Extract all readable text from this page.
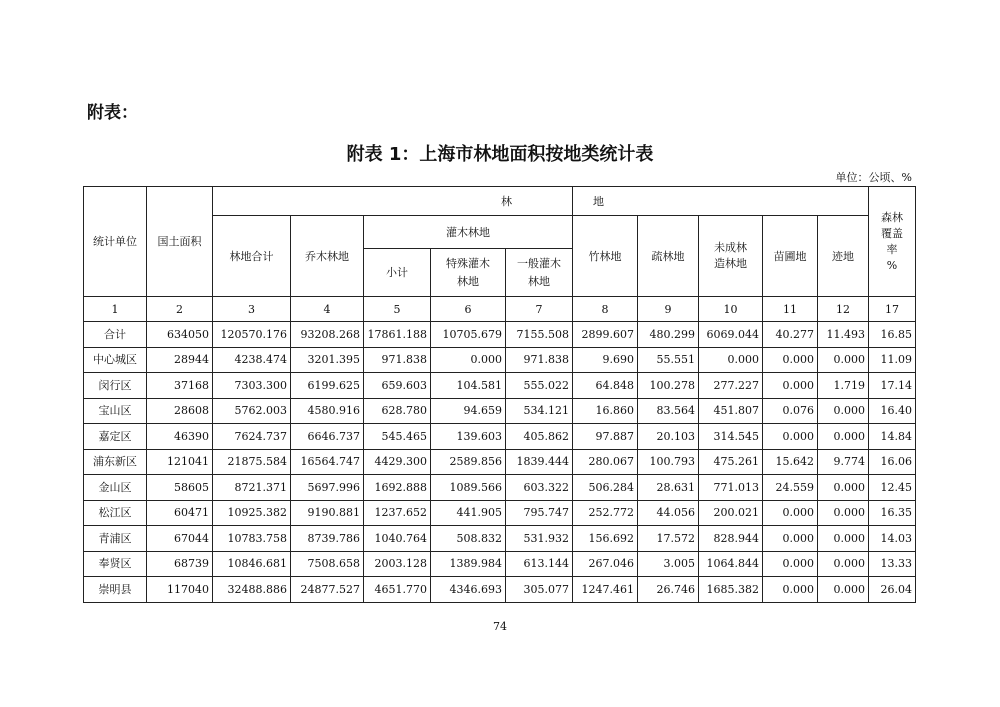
附表：
附表 1：上海市林地面积按地类统计表
单位：公顷、%
统计单位	国土面积	林					地					森林覆盖率
%

		林地合计	乔木林地	灌木林地			竹林地	疏林地	未成林造林地	苗圃地	迹地	
				小计	特殊灌木林地	一般灌木林地						

1	2	3	4	5	6	7	8	9	10	11	12	17
合计	634050	120570.176	93208.268	17861.188	10705.679	7155.508	2899.607	480.299	6069.044	40.277	11.493	16.85
中心城区	28944	4238.474	3201.395	971.838	0.000	971.838	9.690	55.551	0.000	0.000	0.000	11.09
闵行区	37168	7303.300	6199.625	659.603	104.581	555.022	64.848	100.278	277.227	0.000	1.719	17.14
宝山区	28608	5762.003	4580.916	628.780	94.659	534.121	16.860	83.564	451.807	0.076	0.000	16.40
嘉定区	46390	7624.737	6646.737	545.465	139.603	405.862	97.887	20.103	314.545	0.000	0.000	14.84
浦东新区	121041	21875.584	16564.747	4429.300	2589.856	1839.444	280.067	100.793	475.261	15.642	9.774	16.06
金山区	58605	8721.371	5697.996	1692.888	1089.566	603.322	506.284	28.631	771.013	24.559	0.000	12.45
松江区	60471	10925.382	9190.881	1237.652	441.905	795.747	252.772	44.056	200.021	0.000	0.000	16.35
青浦区	67044	10783.758	8739.786	1040.764	508.832	531.932	156.692	17.572	828.944	0.000	0.000	14.03
奉贤区	68739	10846.681	7508.658	2003.128	1389.984	613.144	267.046	3.005	1064.844	0.000	0.000	13.33
崇明县	117040	32488.886	24877.527	4651.770	4346.693	305.077	1247.461	26.746	1685.382	0.000	0.000	26.04
74
